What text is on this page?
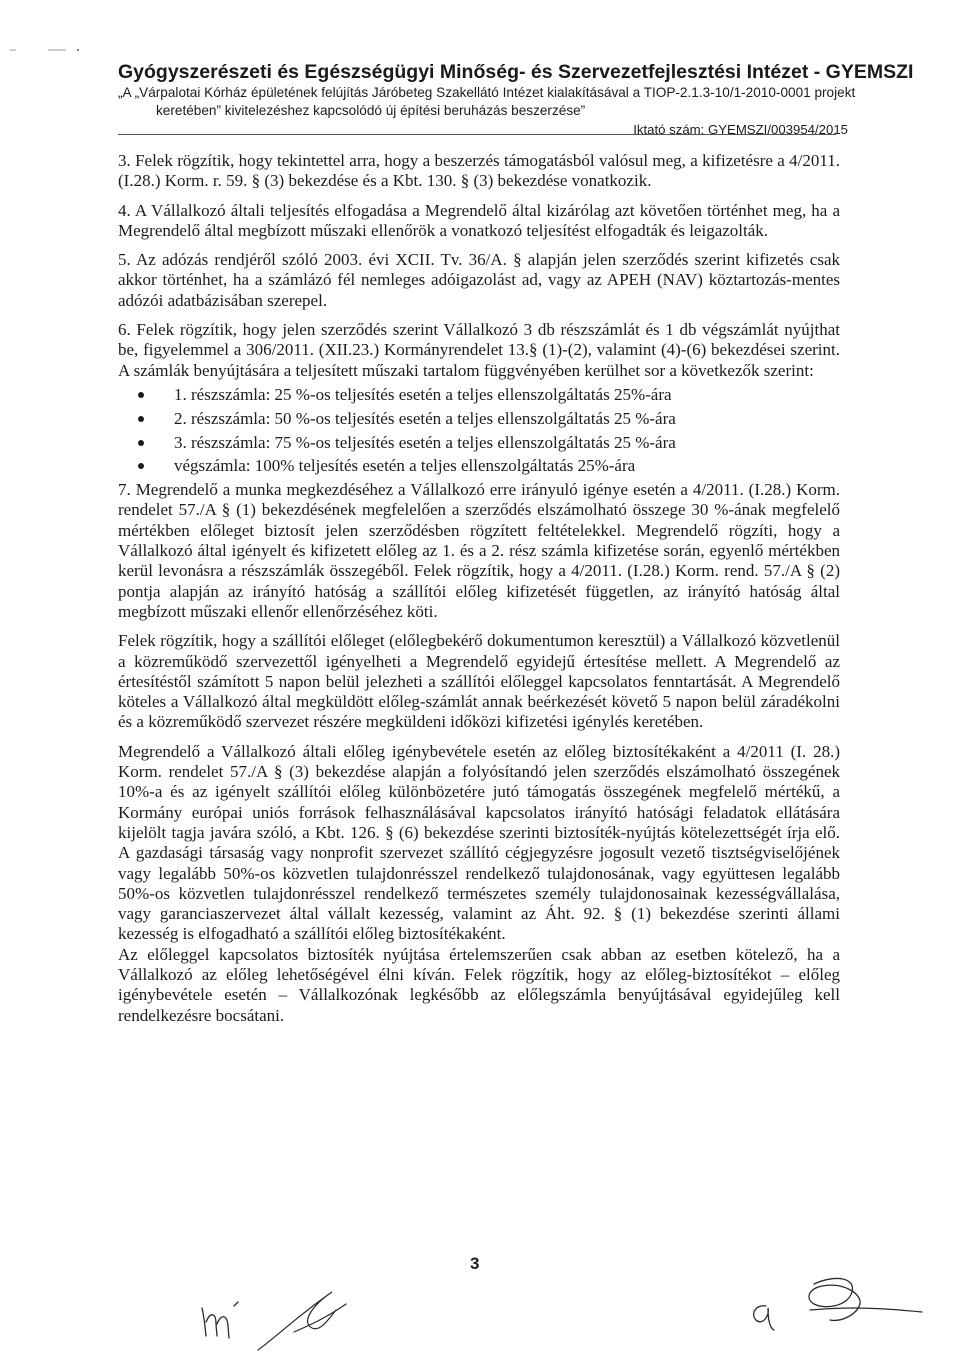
Gyógyszerészeti és Egészségügyi Minőség- és Szervezetfejlesztési Intézet - GYEMSZI
„A „Várpalotai Kórház épületének felújítás Járóbeteg Szakellátó Intézet kialakításával a TIOP-2.1.3-10/1-2010-0001 projekt
keretében” kivitelezéshez kapcsolódó új építési beruházás beszerzése”
Iktató szám: GYEMSZI/003954/2015

3. Felek rögzítik, hogy tekintettel arra, hogy a beszerzés támogatásból valósul meg, a kifizetésre a 4/2011. (I.28.) Korm. r. 59. § (3) bekezdése és a Kbt. 130. § (3) bekezdése vonatkozik.

4. A Vállalkozó általi teljesítés elfogadása a Megrendelő által kizárólag azt követően történhet meg, ha a Megrendelő által megbízott műszaki ellenőrök a vonatkozó teljesítést elfogadták és leigazolták.

5. Az adózás rendjéről szóló 2003. évi XCII. Tv. 36/A. § alapján jelen szerződés szerint kifizetés csak akkor történhet, ha a számlázó fél nemleges adóigazolást ad, vagy az APEH (NAV) köztartozás-mentes adózói adatbázisában szerepel.

6. Felek rögzítik, hogy jelen szerződés szerint Vállalkozó 3 db részszámlát és 1 db végszámlát nyújthat be, figyelemmel a 306/2011. (XII.23.) Kormányrendelet 13.§ (1)-(2), valamint (4)-(6) bekezdései szerint. A számlák benyújtására a teljesített műszaki tartalom függvényében kerülhet sor a következők szerint:

1. részszámla: 25 %-os teljesítés esetén a teljes ellenszolgáltatás 25%-ára
2. részszámla: 50 %-os teljesítés esetén a teljes ellenszolgáltatás 25 %-ára
3. részszámla: 75 %-os teljesítés esetén a teljes ellenszolgáltatás 25 %-ára
végszámla: 100% teljesítés esetén a teljes ellenszolgáltatás 25%-ára

7. Megrendelő a munka megkezdéséhez a Vállalkozó erre irányuló igénye esetén a 4/2011. (I.28.) Korm. rendelet 57./A § (1) bekezdésének megfelelően a szerződés elszámolható összege 30 %-ának megfelelő mértékben előleget biztosít jelen szerződésben rögzített feltételekkel. Megrendelő rögzíti, hogy a Vállalkozó által igényelt és kifizetett előleg az 1. és a 2. rész számla kifizetése során, egyenlő mértékben kerül levonásra a részszámlák összegéből. Felek rögzítik, hogy a 4/2011. (I.28.) Korm. rend. 57./A § (2) pontja alapján az irányító hatóság a szállítói előleg kifizetését független, az irányító hatóság által megbízott műszaki ellenőr ellenőrzéséhez köti.

Felek rögzítik, hogy a szállítói előleget (előlegbekérő dokumentumon keresztül) a Vállalkozó közvetlenül a közreműködő szervezettől igényelheti a Megrendelő egyidejű értesítése mellett. A Megrendelő az értesítéstől számított 5 napon belül jelezheti a szállítói előleggel kapcsolatos fenntartását. A Megrendelő köteles a Vállalkozó által megküldött előleg-számlát annak beérkezését követő 5 napon belül záradékolni és a közreműködő szervezet részére megküldeni időközi kifizetési igénylés keretében.

Megrendelő a Vállalkozó általi előleg igénybevétele esetén az előleg biztosítékaként a 4/2011 (I. 28.) Korm. rendelet 57./A § (3) bekezdése alapján a folyósítandó jelen szerződés elszámolható összegének 10%-a és az igényelt szállítói előleg különbözetére jutó támogatás összegének megfelelő mértékű, a Kormány európai uniós források felhasználásával kapcsolatos irányító hatósági feladatok ellátására kijelölt tagja javára szóló, a Kbt. 126. § (6) bekezdése szerinti biztosíték-nyújtás kötelezettségét írja elő. A gazdasági társaság vagy nonprofit szervezet szállító cégjegyzésre jogosult vezető tisztségviselőjének vagy legalább 50%-os közvetlen tulajdonrésszel rendelkező tulajdonosának, vagy együttesen legalább 50%-os közvetlen tulajdonrésszel rendelkező természetes személy tulajdonosainak kezességvállalása, vagy garanciaszervezet által vállalt kezesség, valamint az Áht. 92. § (1) bekezdése szerinti állami kezesség is elfogadható a szállítói előleg biztosítékaként.

Az előleggel kapcsolatos biztosíték nyújtása értelemszerűen csak abban az esetben kötelező, ha a Vállalkozó az előleg lehetőségével élni kíván. Felek rögzítik, hogy az előleg-biztosítékot – előleg igénybevétele esetén – Vállalkozónak legkésőbb az előlegszámla benyújtásával egyidejűleg kell rendelkezésre bocsátani.

3
